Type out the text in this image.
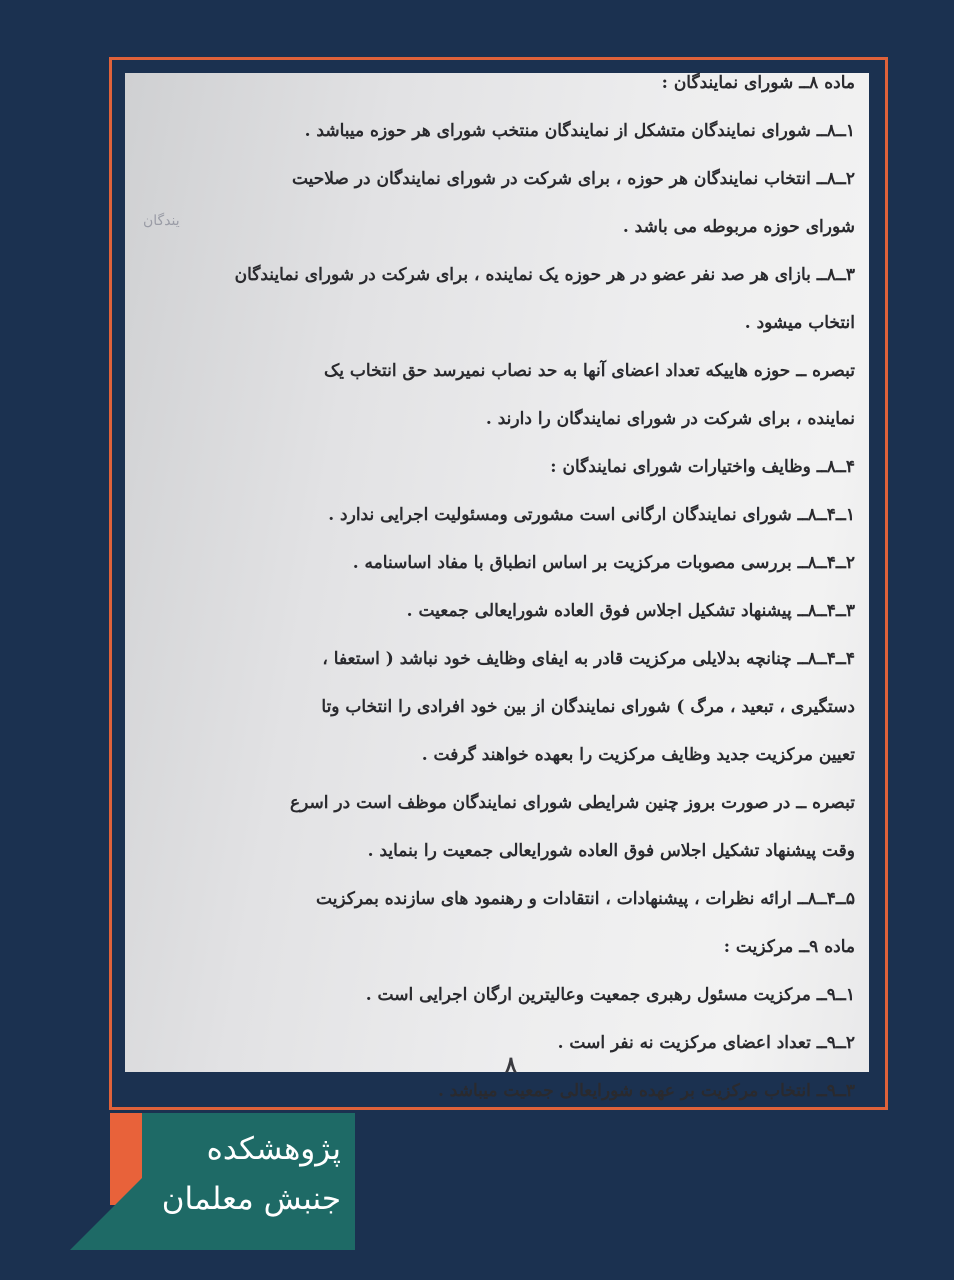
یندگان
ماده ۸ــ شورای نمایندگان :
۱ــ۸ــ شورای نمایندگان متشکل از نمایندگان منتخب شورای هر حوزه میباشد .
۲ــ۸ــ انتخاب نمایندگان هر حوزه ، برای شرکت در شورای نمایندگان در صلاحیت
شورای حوزه مربوطه می باشد .
۳ــ۸ــ بازای هر صد نفر عضو در هر حوزه یک نماینده ، برای شرکت در شورای نمایندگان
انتخاب میشود .
تبصره ــ حوزه هاییکه تعداد اعضای آنها به حد نصاب نمیرسد حق انتخاب یک
نماینده ، برای شرکت در شورای نمایندگان را دارند .
۴ــ۸ــ وظایف واختیارات شورای نمایندگان :
۱ــ۴ــ۸ــ شورای نمایندگان ارگانی است مشورتی ومسئولیت اجرایی ندارد .
۲ــ۴ــ۸ــ بررسی مصوبات مرکزیت بر اساس انطباق با مفاد اساسنامه .
۳ــ۴ــ۸ــ پیشنهاد تشکیل اجلاس فوق العاده شورایعالی جمعیت .
۴ــ۴ــ۸ــ چنانچه بدلایلی مرکزیت قادر به ایفای وظایف خود نباشد ( استعفا ،
دستگیری ، تبعید ، مرگ ) شورای نمایندگان از بین خود افرادی را انتخاب وتا
تعیین مرکزیت جدید وظایف مرکزیت را بعهده خواهند گرفت .
تبصره ــ در صورت بروز چنین شرایطی شورای نمایندگان موظف است در اسرع
وقت پیشنهاد تشکیل اجلاس فوق العاده شورایعالی جمعیت را بنماید .
۵ــ۴ــ۸ــ ارائه نظرات ، پیشنهادات ، انتقادات و رهنمود های سازنده بمرکزیت
ماده ۹ــ مرکزیت :
۱ــ۹ــ مرکزیت مسئول رهبری جمعیت وعالیترین ارگان اجرایی است .
۲ــ۹ــ تعداد اعضای مرکزیت نه نفر است .
۳ــ۹ــ انتخاب مرکزیت بر عهده شورایعالی جمعیت میباشد .
۸
پژوهشکده
جنبش معلمان
